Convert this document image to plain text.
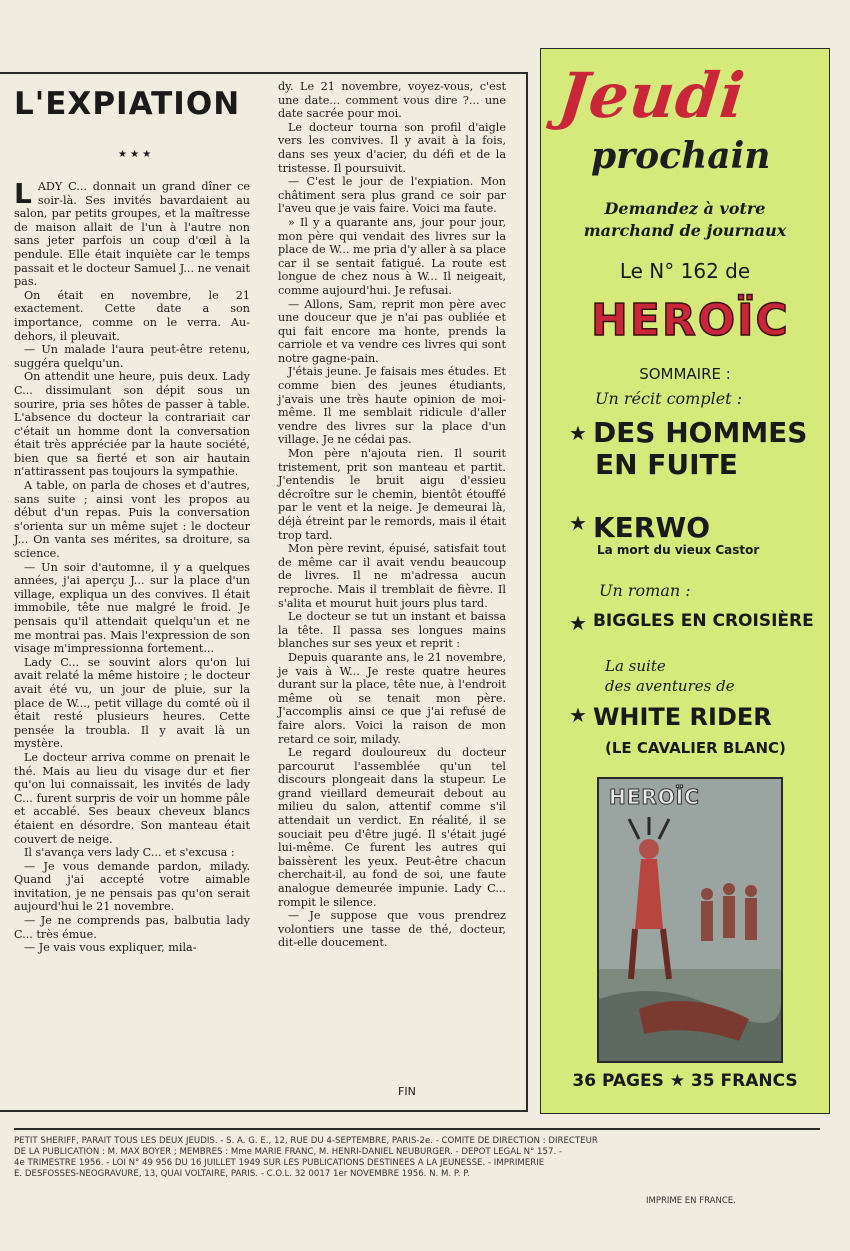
L'EXPIATION
★ ★ ★

LADY C... donnait un grand dîner ce soir-là. Ses invités bavardaient au salon, par petits groupes, et la maîtresse de maison allait de l'un à l'autre non sans jeter parfois un coup d'œil à la pendule. Elle était inquiète car le temps passait et le docteur Samuel J... ne venait pas.

On était en novembre, le 21 exactement. Cette date a son importance, comme on le verra. Au-dehors, il pleuvait.

— Un malade l'aura peut-être retenu, suggéra quelqu'un.

On attendit une heure, puis deux. Lady C... dissimulant son dépit sous un sourire, pria ses hôtes de passer à table. L'absence du docteur la contrariait car c'était un homme dont la conversation était très appréciée par la haute société, bien que sa fierté et son air hautain n'attirassent pas toujours la sympathie.

A table, on parla de choses et d'autres, sans suite ; ainsi vont les propos au début d'un repas. Puis la conversation s'orienta sur un même sujet : le docteur J... On vanta ses mérites, sa droiture, sa science.

— Un soir d'automne, il y a quelques années, j'ai aperçu J... sur la place d'un village, expliqua un des convives. Il était immobile, tête nue malgré le froid. Je pensais qu'il attendait quelqu'un et ne me montrai pas. Mais l'expression de son visage m'impressionna fortement...

Lady C... se souvint alors qu'on lui avait relaté la même histoire ; le docteur avait été vu, un jour de pluie, sur la place de W..., petit village du comté où il était resté plusieurs heures. Cette pensée la troubla. Il y avait là un mystère.

Le docteur arriva comme on prenait le thé. Mais au lieu du visage dur et fier qu'on lui connaissait, les invités de lady C... furent surpris de voir un homme pâle et accablé. Ses beaux cheveux blancs étaient en désordre. Son manteau était couvert de neige.

Il s'avança vers lady C... et s'excusa :

— Je vous demande pardon, milady. Quand j'ai accepté votre aimable invitation, je ne pensais pas qu'on serait aujourd'hui le 21 novembre.

— Je ne comprends pas, balbutia lady C... très émue.

— Je vais vous expliquer, mila-

dy. Le 21 novembre, voyez-vous, c'est une date... comment vous dire ?... une date sacrée pour moi.

Le docteur tourna son profil d'aigle vers les convives. Il y avait à la fois, dans ses yeux d'acier, du défi et de la tristesse. Il poursuivit.

— C'est le jour de l'expiation. Mon châtiment sera plus grand ce soir par l'aveu que je vais faire. Voici ma faute.

» Il y a quarante ans, jour pour jour, mon père qui vendait des livres sur la place de W... me pria d'y aller à sa place car il se sentait fatigué. La route est longue de chez nous à W... Il neigeait, comme aujourd'hui. Je refusai.

— Allons, Sam, reprit mon père avec une douceur que je n'ai pas oubliée et qui fait encore ma honte, prends la carriole et va vendre ces livres qui sont notre gagne-pain.

J'étais jeune. Je faisais mes études. Et comme bien des jeunes étudiants, j'avais une très haute opinion de moi-même. Il me semblait ridicule d'aller vendre des livres sur la place d'un village. Je ne cédai pas.

Mon père n'ajouta rien. Il sourit tristement, prit son manteau et partit. J'entendis le bruit aigu d'essieu décroître sur le chemin, bientôt étouffé par le vent et la neige. Je demeurai là, déjà étreint par le remords, mais il était trop tard.

Mon père revint, épuisé, satisfait tout de même car il avait vendu beaucoup de livres. Il ne m'adressa aucun reproche. Mais il tremblait de fièvre. Il s'alita et mourut huit jours plus tard.

Le docteur se tut un instant et baissa la tête. Il passa ses longues mains blanches sur ses yeux et reprit :

Depuis quarante ans, le 21 novembre, je vais à W... Je reste quatre heures durant sur la place, tête nue, à l'endroit même où se tenait mon père. J'accomplis ainsi ce que j'ai refusé de faire alors. Voici la raison de mon retard ce soir, milady.

Le regard douloureux du docteur parcourut l'assemblée qu'un tel discours plongeait dans la stupeur. Le grand vieillard demeurait debout au milieu du salon, attentif comme s'il attendait un verdict. En réalité, il se souciait peu d'être jugé. Il s'était jugé lui-même. Ce furent les autres qui baissèrent les yeux. Peut-être chacun cherchait-il, au fond de soi, une faute analogue demeurée impunie. Lady C... rompit le silence.

— Je suppose que vous prendrez volontiers une tasse de thé, docteur, dit-elle doucement.

FIN
Jeudi
prochain
Demandez à votre
marchand de journaux
Le N° 162 de
HEROÏC
SOMMAIRE :
Un récit complet :
★ DES HOMMES
EN FUITE
★ KERWO
La mort du vieux Castor
Un roman :
★ BIGGLES EN CROISIÈRE
La suite
des aventures de
★ WHITE RIDER
(LE CAVALIER BLANC)
HEROÏC
36 PAGES ★ 35 FRANCS
PETIT SHERIFF, PARAIT TOUS LES DEUX JEUDIS. - S. A. G. E., 12, RUE DU 4-SEPTEMBRE, PARIS-2e. - COMITE DE DIRECTION : DIRECTEUR
DE LA PUBLICATION : M. MAX BOYER ; MEMBRES : Mme MARIE FRANC, M. HENRI-DANIEL NEUBURGER. - DEPOT LEGAL N° 157. -
4e TRIMESTRE 1956. - LOI N° 49 956 DU 16 JUILLET 1949 SUR LES PUBLICATIONS DESTINEES A LA JEUNESSE. - IMPRIMERIE
E. DESFOSSES-NEOGRAVURE, 13, QUAI VOLTAIRE, PARIS. - C.O.L. 32 0017 1er NOVEMBRE 1956. N. M. P. P.
IMPRIME EN FRANCE.
